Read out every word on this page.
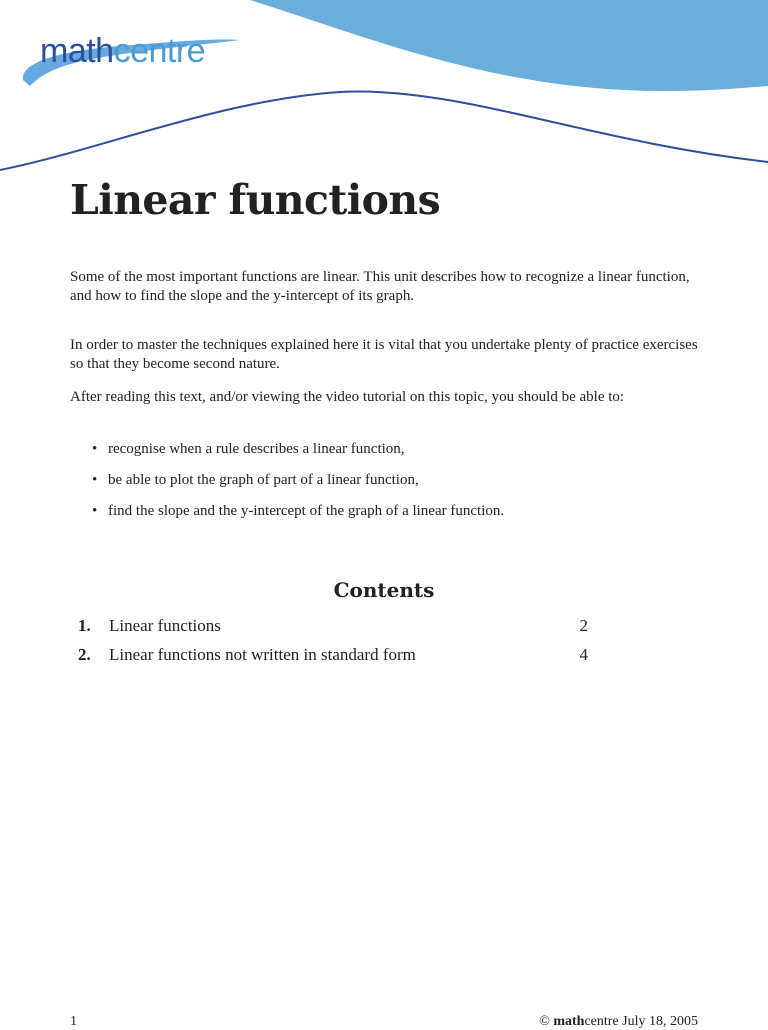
mathcentre
Linear functions

Some of the most important functions are linear. This unit describes how to recognize a linear function, and how to find the slope and the y-intercept of its graph.

In order to master the techniques explained here it is vital that you undertake plenty of practice exercises so that they become second nature.

After reading this text, and/or viewing the video tutorial on this topic, you should be able to:

• recognise when a rule describes a linear function,
• be able to plot the graph of part of a linear function,
• find the slope and the y-intercept of the graph of a linear function.
Contents
1. Linear functions	2
2. Linear functions not written in standard form	4
1	© mathcentre July 18, 2005
